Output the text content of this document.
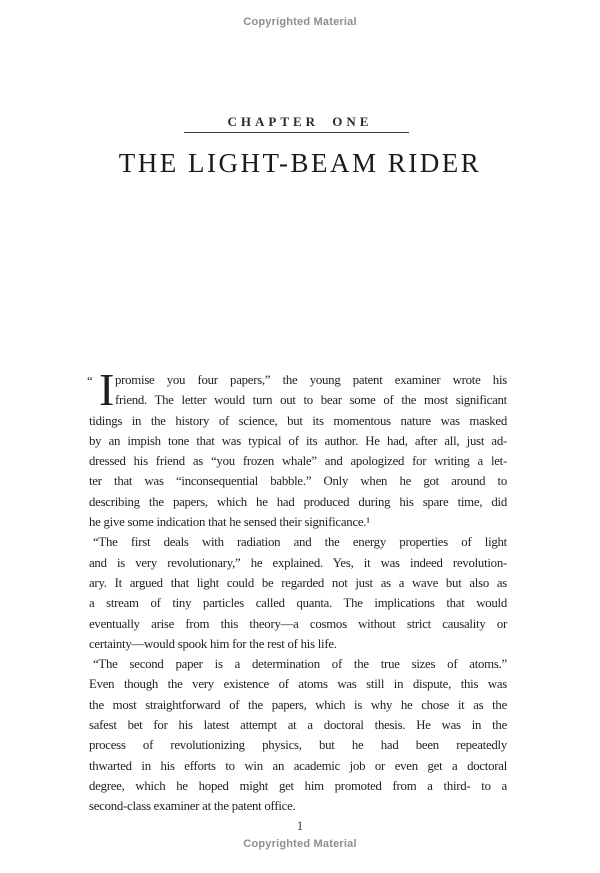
Copyrighted Material
CHAPTER ONE
THE LIGHT-BEAM RIDER
“ I promise you four papers,” the young patent examiner wrote his
friend. The letter would turn out to bear some of the most significant
tidings in the history of science, but its momentous nature was masked
by an impish tone that was typical of its author. He had, after all, just ad-
dressed his friend as “you frozen whale” and apologized for writing a let-
ter that was “inconsequential babble.” Only when he got around to
describing the papers, which he had produced during his spare time, did
he give some indication that he sensed their significance.¹
“The first deals with radiation and the energy properties of light
and is very revolutionary,” he explained. Yes, it was indeed revolution-
ary. It argued that light could be regarded not just as a wave but also as
a stream of tiny particles called quanta. The implications that would
eventually arise from this theory—a cosmos without strict causality or
certainty—would spook him for the rest of his life.
“The second paper is a determination of the true sizes of atoms.”
Even though the very existence of atoms was still in dispute, this was
the most straightforward of the papers, which is why he chose it as the
safest bet for his latest attempt at a doctoral thesis. He was in the
process of revolutionizing physics, but he had been repeatedly
thwarted in his efforts to win an academic job or even get a doctoral
degree, which he hoped might get him promoted from a third- to a
second-class examiner at the patent office.
1
Copyrighted Material
